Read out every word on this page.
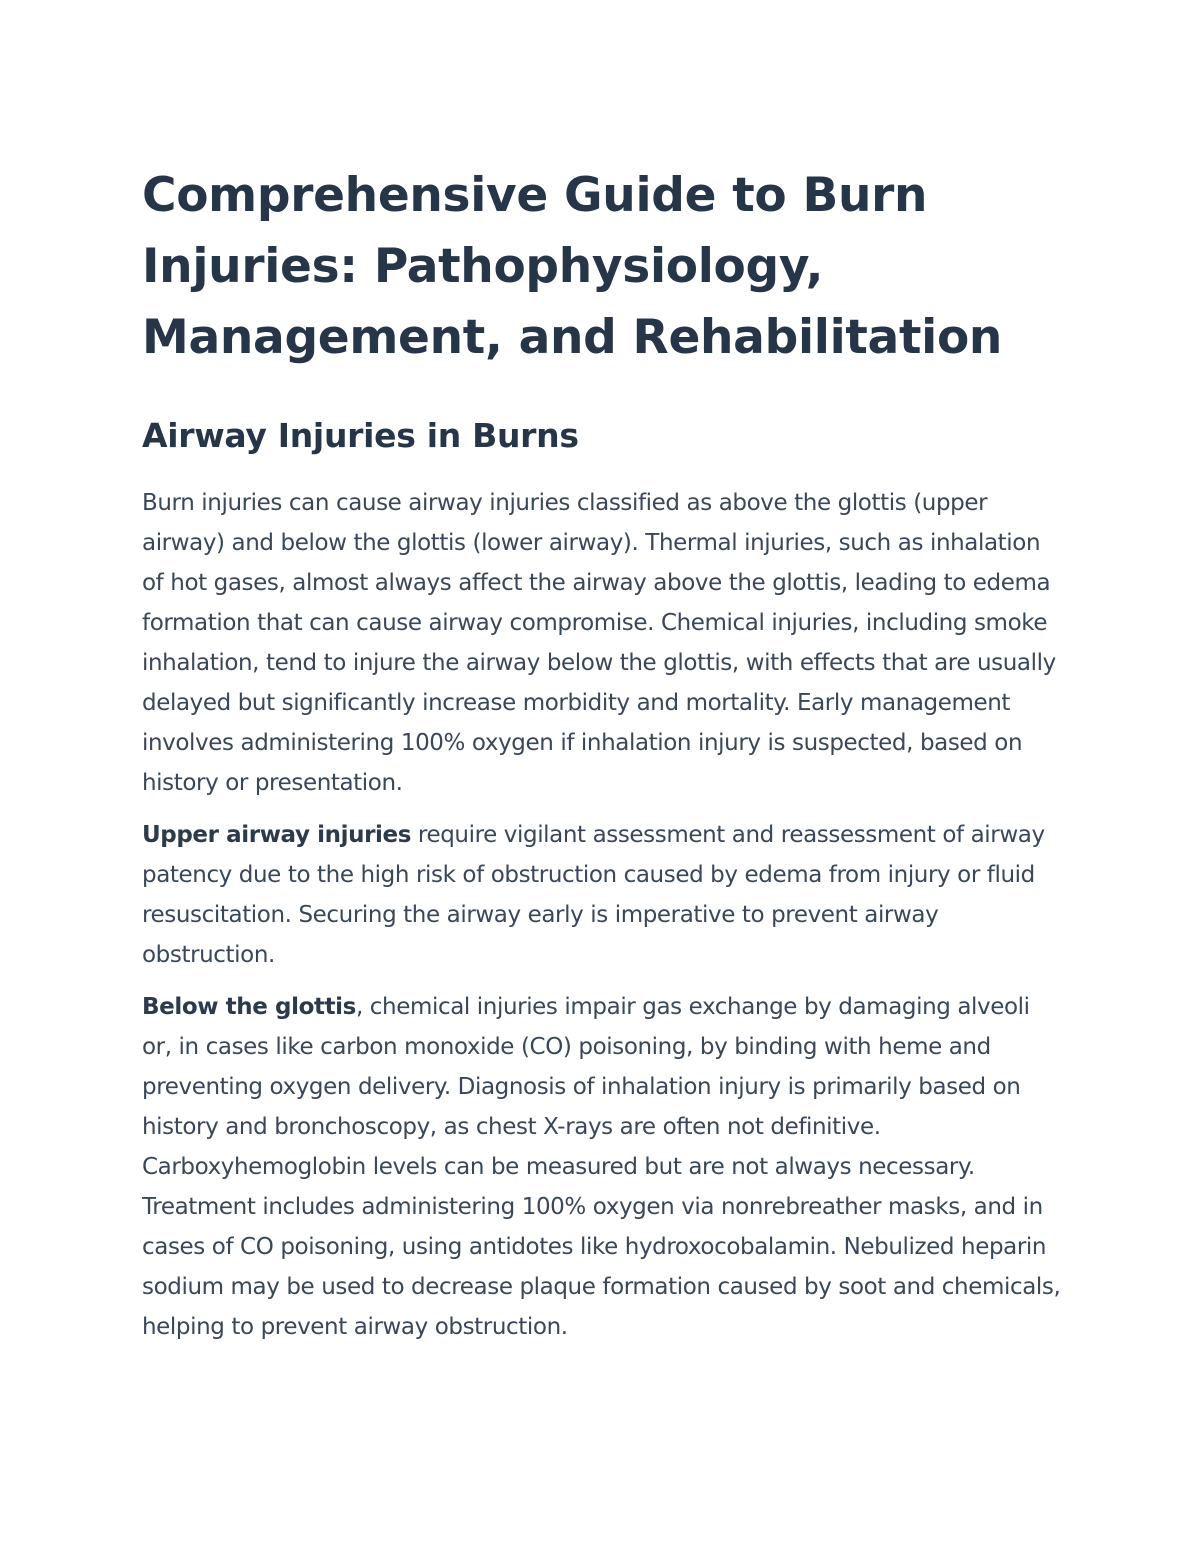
Comprehensive Guide to Burn Injuries: Pathophysiology, Management, and Rehabilitation
Airway Injuries in Burns

Burn injuries can cause airway injuries classified as above the glottis (upper airway) and below the glottis (lower airway). Thermal injuries, such as inhalation of hot gases, almost always affect the airway above the glottis, leading to edema formation that can cause airway compromise. Chemical injuries, including smoke inhalation, tend to injure the airway below the glottis, with effects that are usually delayed but significantly increase morbidity and mortality. Early management involves administering 100% oxygen if inhalation injury is suspected, based on history or presentation.

Upper airway injuries require vigilant assessment and reassessment of airway patency due to the high risk of obstruction caused by edema from injury or fluid resuscitation. Securing the airway early is imperative to prevent airway obstruction.

Below the glottis, chemical injuries impair gas exchange by damaging alveoli or, in cases like carbon monoxide (CO) poisoning, by binding with heme and preventing oxygen delivery. Diagnosis of inhalation injury is primarily based on history and bronchoscopy, as chest X-rays are often not definitive. Carboxyhemoglobin levels can be measured but are not always necessary. Treatment includes administering 100% oxygen via nonrebreather masks, and in cases of CO poisoning, using antidotes like hydroxocobalamin. Nebulized heparin sodium may be used to decrease plaque formation caused by soot and chemicals, helping to prevent airway obstruction.
